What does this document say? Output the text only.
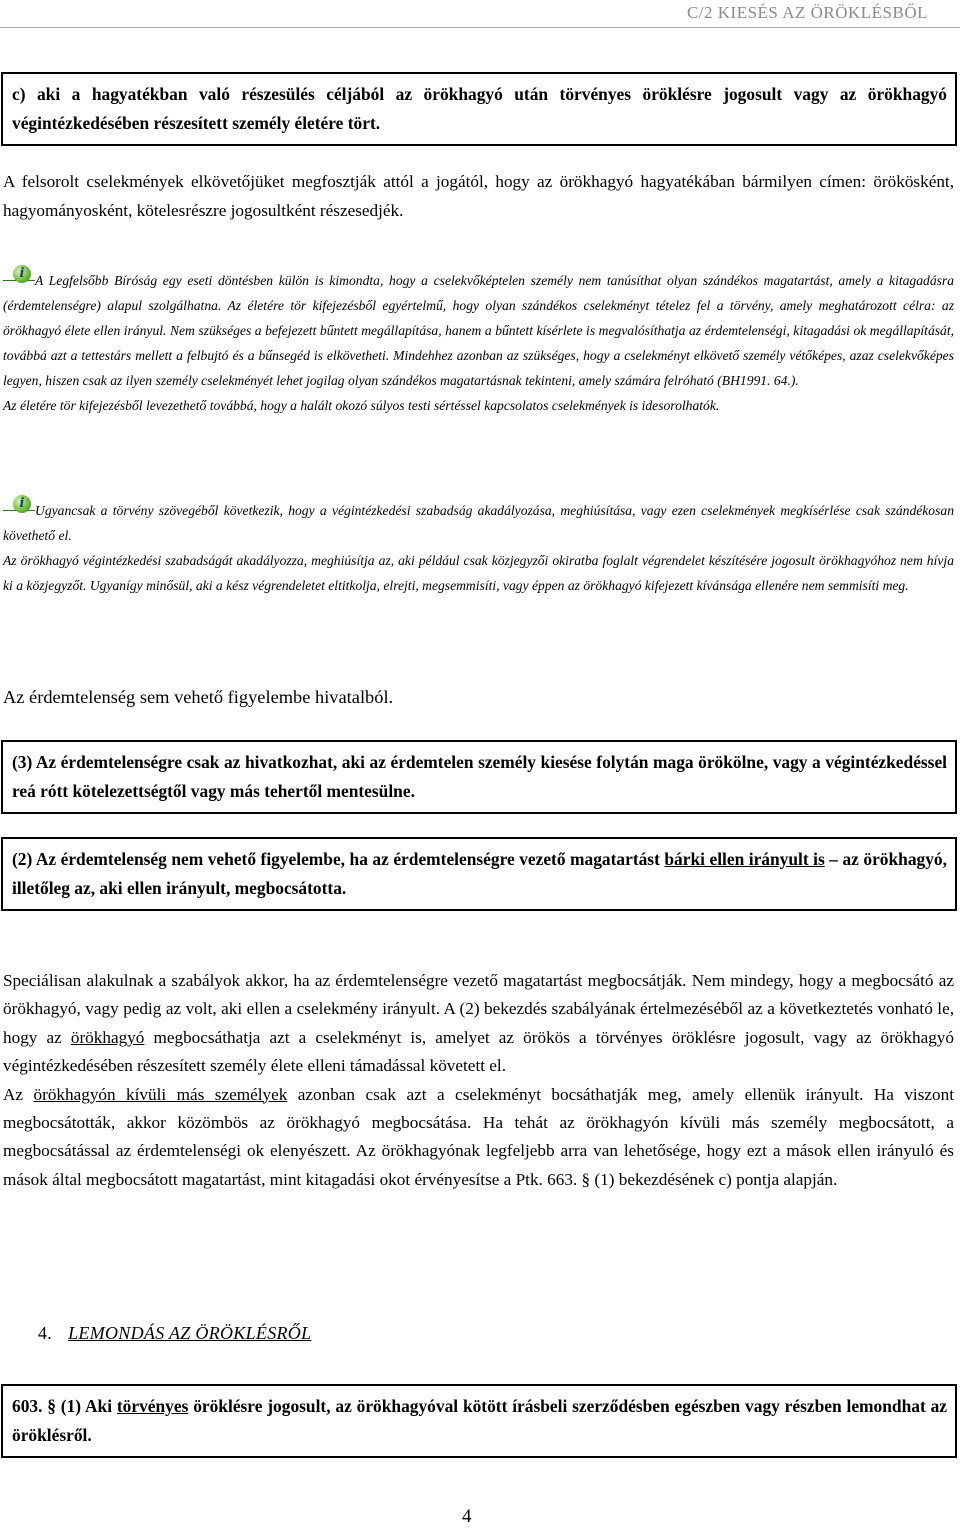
C/2 KIESÉS AZ ÖRÖKLÉSBŐL
c) aki a hagyatékban való részesülés céljából az örökhagyó után törvényes öröklésre jogosult vagy az örökhagyó végintézkedésében részesített személy életére tört.
A felsorolt cselekmények elkövetőjüket megfosztják attól a jogától, hogy az örökhagyó hagyatékában bármilyen címen: örökösként, hagyományosként, kötelesrészre jogosultként részesedjék.

i A Legfelsőbb Bíróság egy eseti döntésben külön is kimondta, hogy a cselekvőképtelen személy nem tanúsíthat olyan szándékos magatartást, amely a kitagadásra (érdemtelenségre) alapul szolgálhatna. Az életére tör kifejezésből egyértelmű, hogy olyan szándékos cselekményt tételez fel a törvény, amely meghatározott célra: az örökhagyó élete ellen irányul. Nem szükséges a befejezett bűntett megállapítása, hanem a bűntett kísérlete is megvalósíthatja az érdemtelenségi, kitagadási ok megállapítását, továbbá azt a tettestárs mellett a felbujtó és a bűnsegéd is elkövetheti. Mindehhez azonban az szükséges, hogy a cselekményt elkövető személy vétőképes, azaz cselekvőképes legyen, hiszen csak az ilyen személy cselekményét lehet jogilag olyan szándékos magatartásnak tekinteni, amely számára felróható (BH1991. 64.).

Az életére tör kifejezésből levezethető továbbá, hogy a halált okozó súlyos testi sértéssel kapcsolatos cselekmények is idesorolhatók.

i Ugyancsak a törvény szövegéből következik, hogy a végintézkedési szabadság akadályozása, meghiúsítása, vagy ezen cselekmények megkísérlése csak szándékosan követhető el.

Az örökhagyó végintézkedési szabadságát akadályozza, meghiúsítja az, aki például csak közjegyzői okiratba foglalt végrendelet készítésére jogosult örökhagyóhoz nem hívja ki a közjegyzőt. Ugyanígy minősül, aki a kész végrendeletet eltitkolja, elrejti, megsemmisíti, vagy éppen az örökhagyó kifejezett kívánsága ellenére nem semmisíti meg.

Az érdemtelenség sem vehető figyelembe hivatalból.
(3) Az érdemtelenségre csak az hivatkozhat, aki az érdemtelen személy kiesése folytán maga örökölne, vagy a végintézkedéssel reá rótt kötelezettségtől vagy más tehertől mentesülne.
(2) Az érdemtelenség nem vehető figyelembe, ha az érdemtelenségre vezető magatartást bárki ellen irányult is – az örökhagyó, illetőleg az, aki ellen irányult, megbocsátotta.
Speciálisan alakulnak a szabályok akkor, ha az érdemtelenségre vezető magatartást megbocsátják. Nem mindegy, hogy a megbocsátó az örökhagyó, vagy pedig az volt, aki ellen a cselekmény irányult. A (2) bekezdés szabályának értelmezéséből az a következtetés vonható le, hogy az örökhagyó megbocsáthatja azt a cselekményt is, amelyet az örökös a törvényes öröklésre jogosult, vagy az örökhagyó végintézkedésében részesített személy élete elleni támadással követett el.
Az örökhagyón kívüli más személyek azonban csak azt a cselekményt bocsáthatják meg, amely ellenük irányult. Ha viszont megbocsátották, akkor közömbös az örökhagyó megbocsátása. Ha tehát az örökhagyón kívüli más személy megbocsátott, a megbocsátással az érdemtelenségi ok elenyészett. Az örökhagyónak legfeljebb arra van lehetősége, hogy ezt a mások ellen irányuló és mások által megbocsátott magatartást, mint kitagadási okot érvényesítse a Ptk. 663. § (1) bekezdésének c) pontja alapján.
4. LEMONDÁS AZ ÖRÖKLÉSRŐL
603. § (1) Aki törvényes öröklésre jogosult, az örökhagyóval kötött írásbeli szerződésben egészben vagy részben lemondhat az öröklésről.
4
